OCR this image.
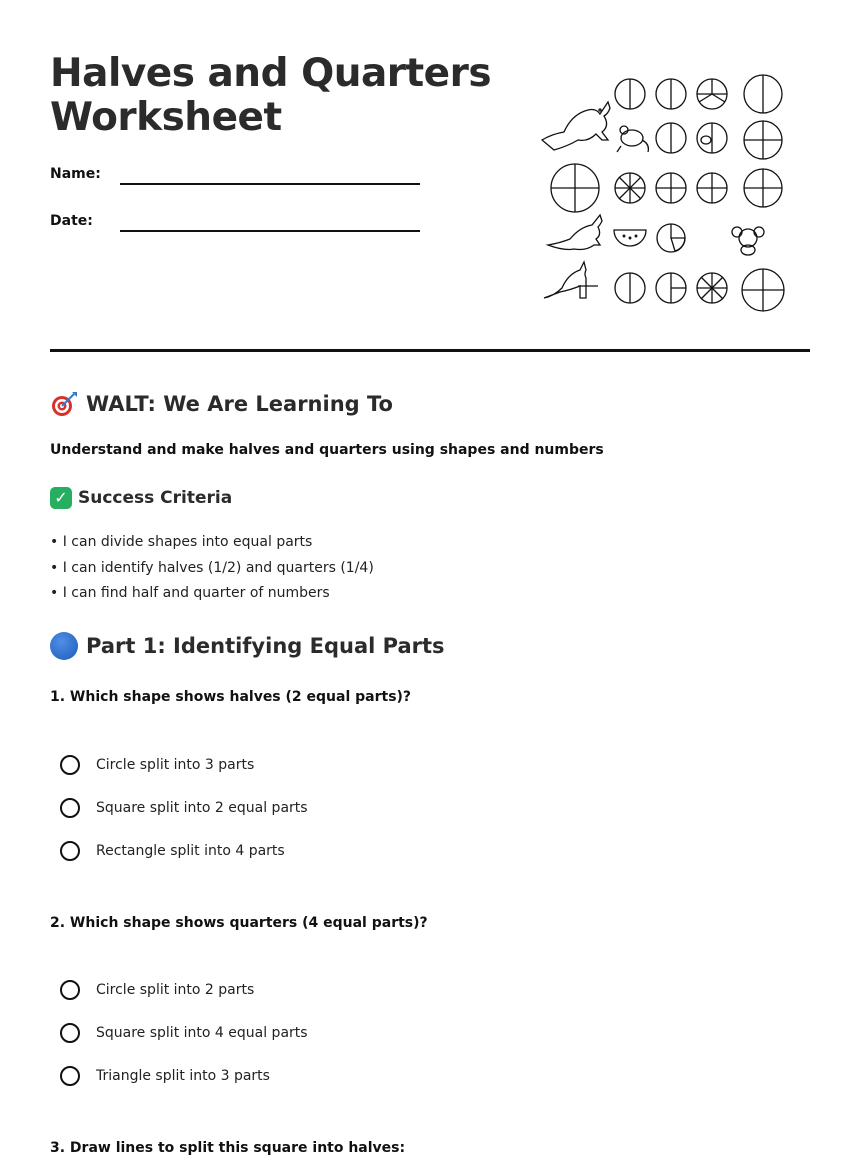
Halves and Quarters Worksheet
Name:
Date:
WALT: We Are Learning To

Understand and make halves and quarters using shapes and numbers

✓ Success Criteria

• I can divide shapes into equal parts

• I can identify halves (1/2) and quarters (1/4)

• I can find half and quarter of numbers

Part 1: Identifying Equal Parts

1. Which shape shows halves (2 equal parts)?

Circle split into 3 parts
Square split into 2 equal parts
Rectangle split into 4 parts

2. Which shape shows quarters (4 equal parts)?

Circle split into 2 parts
Square split into 4 equal parts
Triangle split into 3 parts

3. Draw lines to split this square into halves:
